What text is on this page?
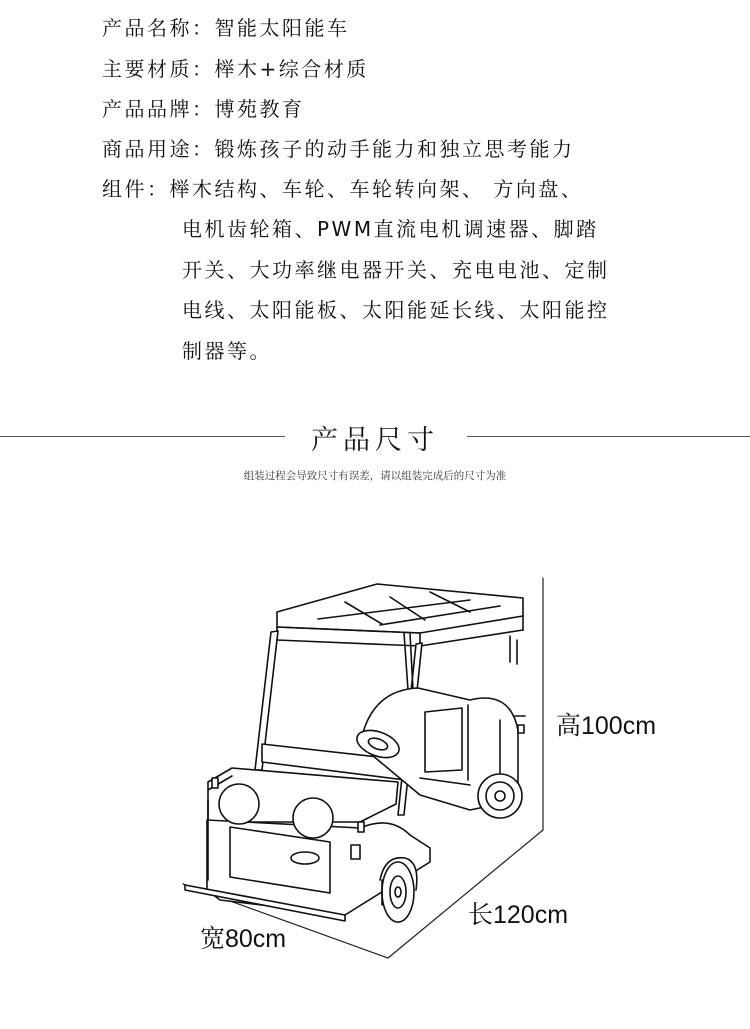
产品名称：智能太阳能车
主要材质：榉木+综合材质
产品品牌：博苑教育
商品用途：锻炼孩子的动手能力和独立思考能力
组件：榉木结构、车轮、车轮转向架、 方向盘、
电机齿轮箱、PWM直流电机调速器、脚踏
开关、大功率继电器开关、充电电池、定制
电线、太阳能板、太阳能延长线、太阳能控
制器等。
产品尺寸
组装过程会导致尺寸有误差，请以组装完成后的尺寸为准
高100cm
长120cm
宽80cm
